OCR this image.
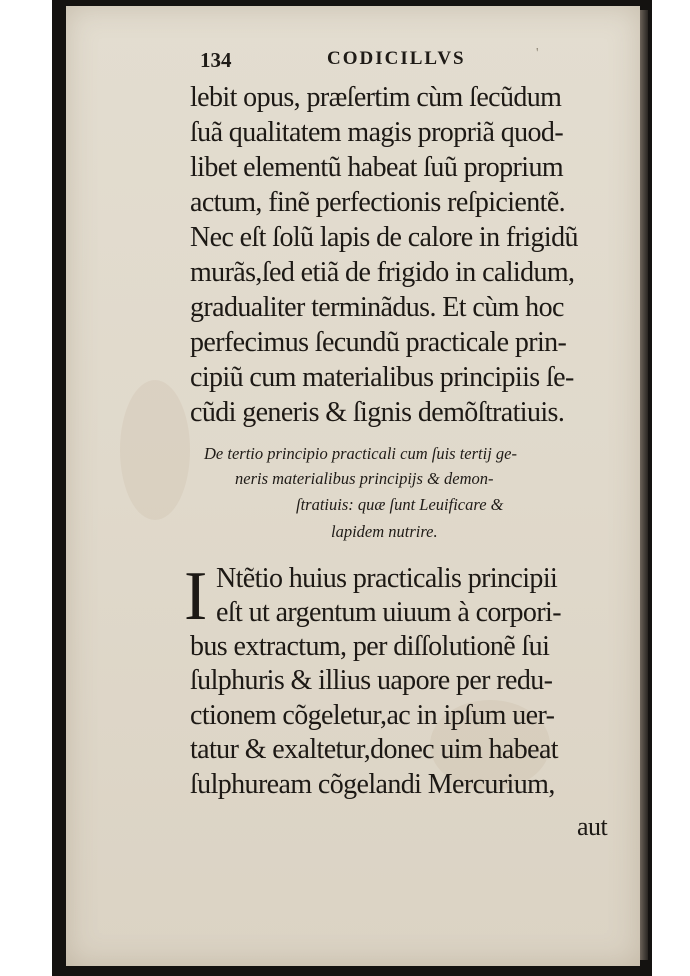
134	CODICILLVS	'
lebit opus, præſertim cùm ſecũdum
ſuã qualitatem magis propriã quod-
libet elementũ habeat ſuũ proprium
actum, finẽ perfectionis reſpicientẽ.
Nec eſt ſolũ lapis de calore in frigidũ
murãs,ſed etiã de frigido in calidum,
gradualiter terminãdus. Et cùm hoc
perfecimus ſecundũ practicale prin-
cipiũ cum materialibus principiis ſe-
cũdi generis & ſignis demõſtratiuis.
De tertio principio practicali cum ſuis tertij ge-
neris materialibus principijs & demon-
ſtratiuis: quæ ſunt Leuificare &
lapidem nutrire.
I Ntẽtio huius practicalis principii
eſt ut argentum uiuum à corpori-
bus extractum, per diſſolutionẽ ſui
ſulphuris & illius uapore per redu-
ctionem cõgeletur,ac in ipſum uer-
tatur & exaltetur,donec uim habeat
ſulphuream cõgelandi Mercurium,
aut
